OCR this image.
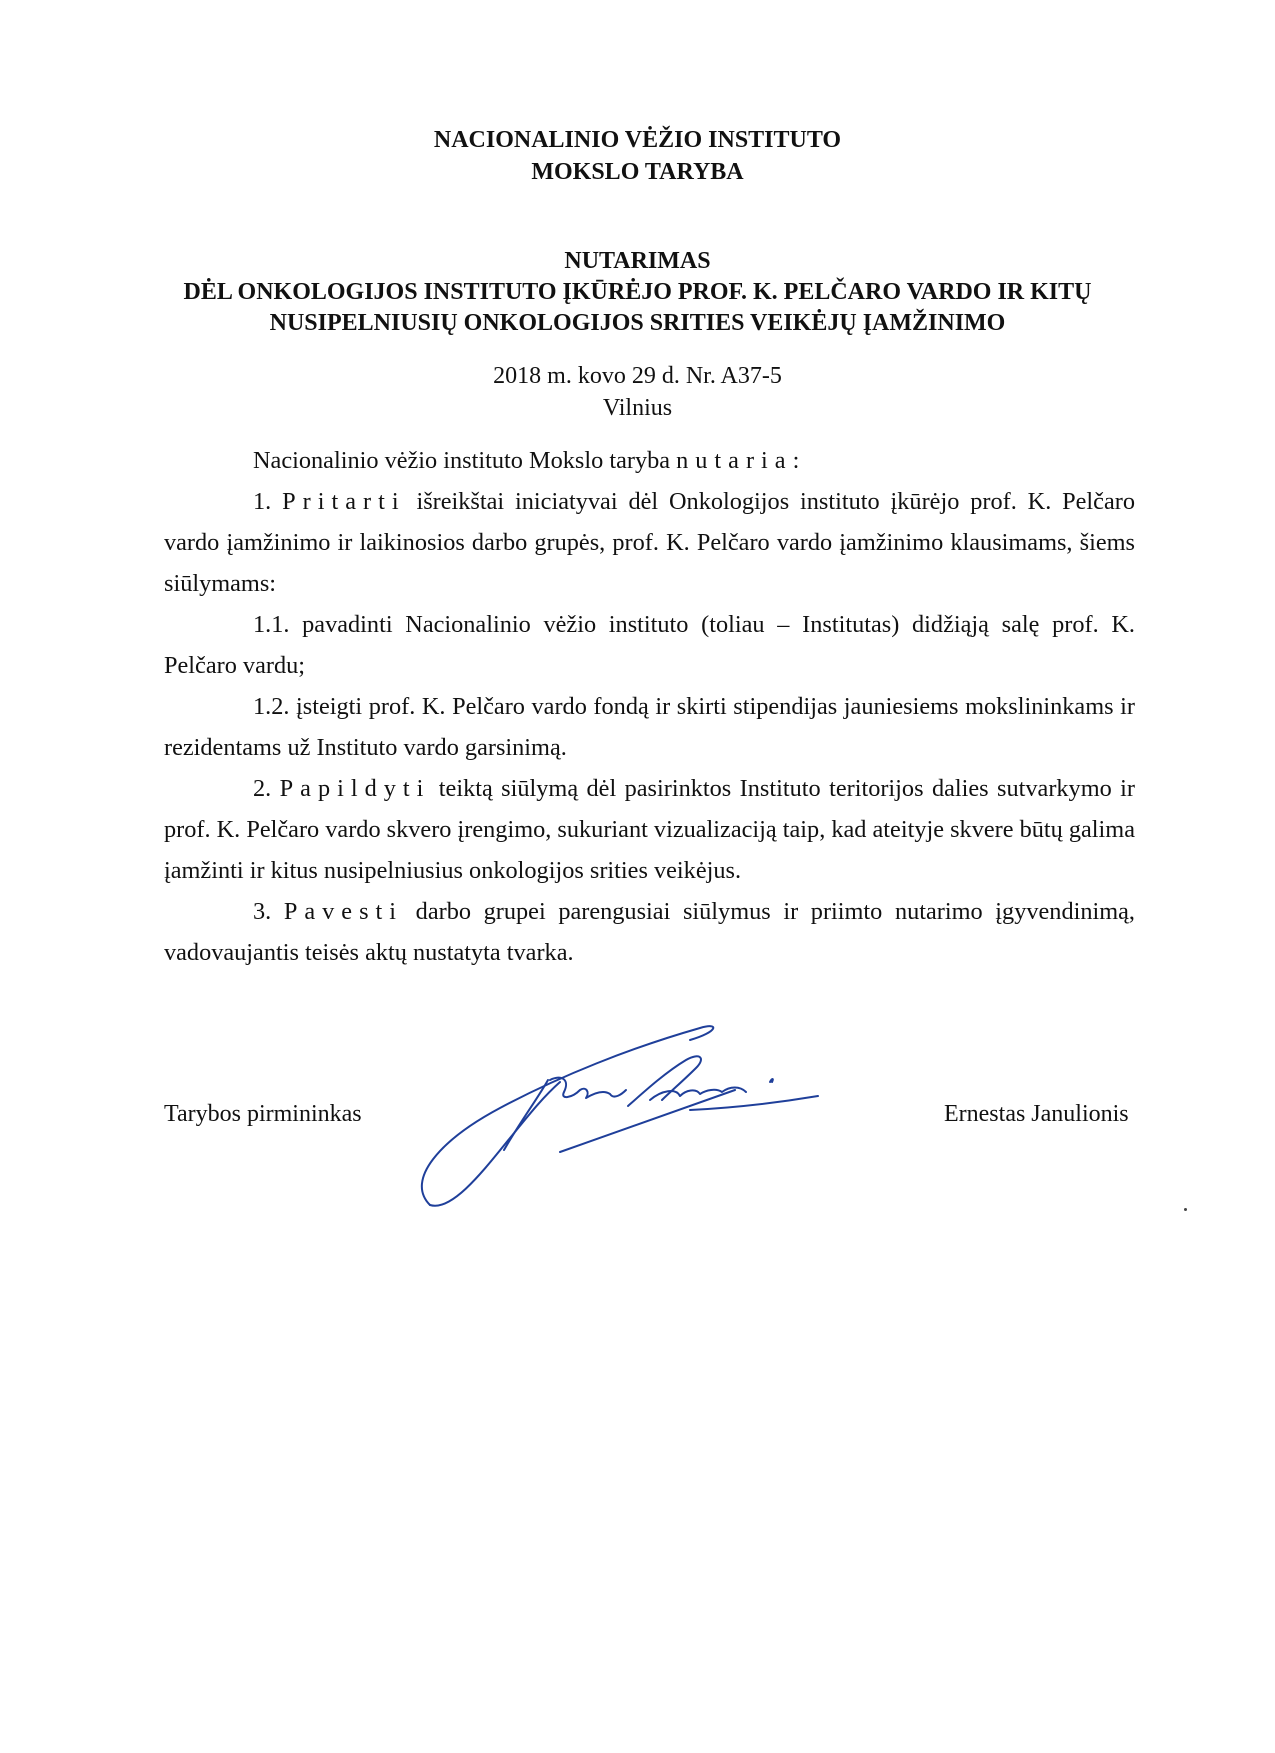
NACIONALINIO VĖŽIO INSTITUTO
MOKSLO TARYBA
NUTARIMAS
DĖL ONKOLOGIJOS INSTITUTO ĮKŪRĖJO PROF. K. PELČARO VARDO IR KITŲ
NUSIPELNIUSIŲ ONKOLOGIJOS SRITIES VEIKĖJŲ ĮAMŽINIMO
2018 m. kovo 29 d. Nr. A37-5
Vilnius

Nacionalinio vėžio instituto Mokslo taryba nutaria:

1. Pritarti išreikštai iniciatyvai dėl Onkologijos instituto įkūrėjo prof. K. Pelčaro vardo įamžinimo ir laikinosios darbo grupės, prof. K. Pelčaro vardo įamžinimo klausimams, šiems siūlymams:

1.1. pavadinti Nacionalinio vėžio instituto (toliau – Institutas) didžiąją salę prof. K. Pelčaro vardu;

1.2. įsteigti prof. K. Pelčaro vardo fondą ir skirti stipendijas jauniesiems mokslininkams ir rezidentams už Instituto vardo garsinimą.

2. Papildyti teiktą siūlymą dėl pasirinktos Instituto teritorijos dalies sutvarkymo ir prof. K. Pelčaro vardo skvero įrengimo, sukuriant vizualizaciją taip, kad ateityje skvere būtų galima įamžinti ir kitus nusipelniusius onkologijos srities veikėjus.

3. Pavesti darbo grupei parengusiai siūlymus ir priimto nutarimo įgyvendinimą, vadovaujantis teisės aktų nustatyta tvarka.

Tarybos pirmininkas	Ernestas Janulionis
